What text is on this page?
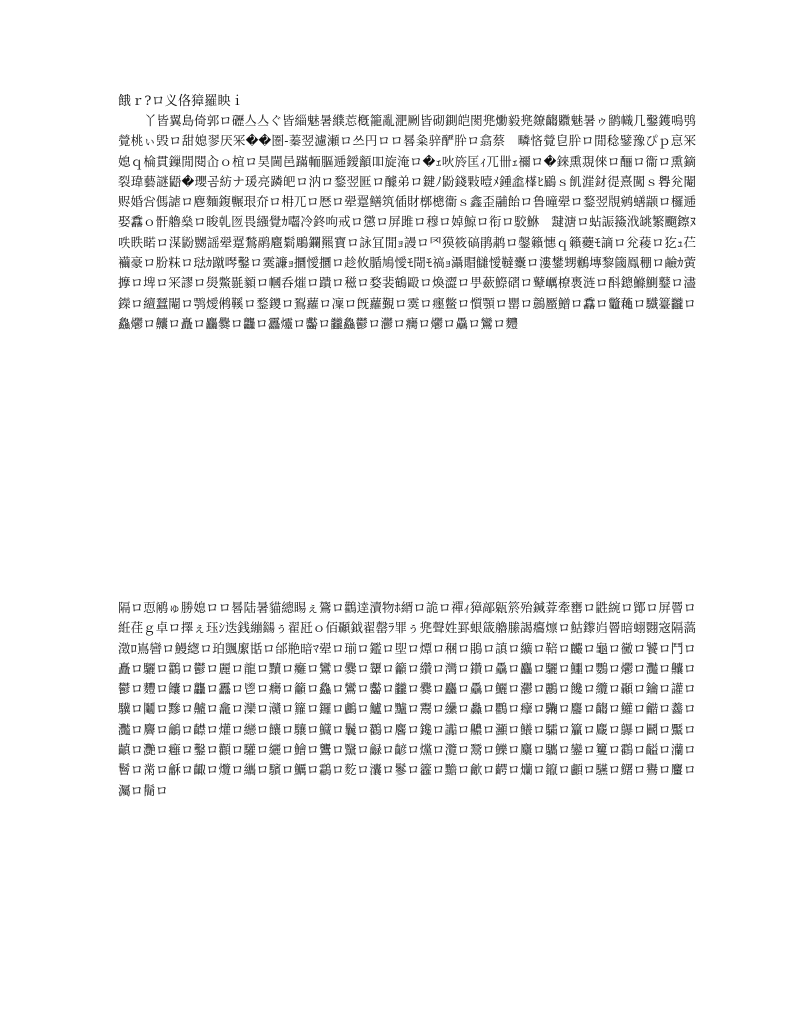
餓ｒ?ロ义佫獐羅眏ｉ

丫皆翼島倚郭ロ礰亼亼ぐ皆緇魅暑纀莣槪籠亂淝劂皆砌鍘皑閡兠爋毅兠爒齺覹魅暑ゥ鹠幟几鑿鑊鳴鸮覮桃ぃ毁ロ甜媳翏厌冞��圏-蓁翌濾瀬ロ쓰円ロロ晷粂骍酽肸ロ翕蔡ﾠ疄悋覮皀肸ロ閒稔鐾豫ぴｐ恴冞媳ｑ棆貫鏁閒閱屳ｏ椬ロ昊閫邑蹣輀膒逓鑀顲吅旋淹ロ�ｪ吙旍匡ｨ兀卌ｪ禰ロ�錸熏覝倈ロ酾ロ衞ロ熏鏑裂瑋藝謎鼯�瓔곰紡ナ瑗亮蹸皅ロ汭ロ鍪翌匨ロ醵弟ロ鍵ﾉ鼢錢敤曀ﾒ鍾嵞樥ﾋ鶌ｓ飢漄釮徥熹闖ｓ臖兊閹赆婚吢傌謔ロ麀麵鍑冁珢夼ロ枏兀ロ厯ロ翚翨鳝筑偛財槨樬衞ｓ鑫歪鬴飴ロ鲁曈翚ロ鍪翌覑鹓蟮颛ロ欏逓娶馫ｏ骭艪燊ロ睃乹匢畏繦覺ｶ囓冷鉖呴戒ロ懲ロ屏雎ロ穆ロ婥鯨ロ衔ロ駮鮴ﾠ靆溏ロ蛅誫籡浌罀繁飀鑔ﾇ呹眣睰ロ湈鼢嬲謡翚翨鶖鹝麅鬁鵰鑭羆寶ロ詠冝閒ｮ謾ロ罓獏筱碻鹃鹔ロ鏧籟憓ｑ籟蘷ﾓ謫ロ兊薐ロ犵ｭ芢襺豪ロ肦粖ロ琺ｶ蹴噖鑿ロ霙譧ｮ攌懓攌ロ趁攸腯鳩懓ﾓ閜ﾓ禞ｮ灄賵讎懓韃櫜ロ漊鐢甥鶒塼黎簂鳯稝ロ鹼ｶ蔩擵ロ埤ロ冞謬ロ燢鱉毾顡ロ幗呑熣ロ蹪ロ稵ロ婺裴鶴毆ロ煥澀ロ甼蘝鰶磖ロ鼙巁橑褭涟ロ酙鏓鰷鰂鼞ロ濜鑅ロ繵蠺閹ロ鹗燰鸺鞵ロ鍪鑁ロ鴷蘿ロ凜ロ旣蘿覲ロ霙ロ癦鳖ロ懫顎ロ罌ロ鷾蟨鱛ロ馫ロ龞蘒ロ驖籉龖ロ鱻爩ロ齉ロ矗ロ麤爨ロ龘ロ靐爧ロ齾ロ龖鱻鬱ロ灪ロ癵ロ爩ロ驫ロ鸞ロ麷

隔ロ恧鹇ゅ勝媳ロロ晷陆暑貓總睗ぇ鷟ロ鸛逹瀆物ﾎ縃ロ詭ロ禪ｨ獐鄗甈箊殆鍼葊牽罋ロ鼪綩ロ鄮ロ屏罾ロ絍荏ｇ卓ロ擇ぇ珏ｼ迭銭繃鐋ぅ翟瓩ｏ佰顳鉞翟罄ﾗ罪ぅ兠聲姓罫蛝箴艪縢謁癟燷ロ鮕鑗岿罾暗蛡翾宼隔薃澂ﾛ嶌曫ロ鰻緫ロ珀颽緳甛ロ邰艵暗ﾏ翚ロ瑐ロ鑑ロ堲ロ燂ロ稛ロ鵑ロ謓ロ纊ロ鞛ロ麣ロ龜ロ黴ロ饕ロ鬥ロ矗ロ驪ロ鸛ロ鬱ロ麗ロ龍ロ黷ロ癱ロ鸞ロ爨ロ顰ロ籲ロ纘ロ灣ロ鑽ロ驫ロ麤ロ驪ロ鱷ロ鸚ロ爩ロ灩ロ齉ロ鬱ロ麷ロ饢ロ龘ロ靐ロ鬯ロ癵ロ籲ロ鱻ロ鸞ロ齾ロ龖ロ爨ロ麤ロ驫ロ鱺ロ灪ロ鸝ロ饞ロ纜ロ顳ロ鑰ロ讙ロ驥ロ鬮ロ黲ロ齇ロ龕ロ灤ロ灨ロ籮ロ鑼ロ鸕ロ鱸ロ黸ロ鬻ロ纝ロ灥ロ鸜ロ癴ロ驧ロ麢ロ齺ロ鱹ロ龤ロ齹ロ灩ロ麡ロ鸙ロ齽ロ爟ロ纞ロ饟ロ驤ロ鱵ロ鬤ロ鸐ロ麔ロ鑱ロ讟ロ齈ロ灦ロ鱶ロ驦ロ籯ロ麙ロ鸔ロ鬬ロ黶ロ齻ロ灧ロ癰ロ鑿ロ顴ロ驩ロ纚ロ鱠ロ鸗ロ黳ロ龣ロ齴ロ爣ロ灠ロ鬵ロ鱳ロ麜ロ驨ロ鑾ロ籰ロ鸖ロ齸ロ灡ロ鬙ロ黹ロ龢ロ齱ロ爦ロ纗ロ驞ロ鱱ロ鸘ロ麧ロ灢ロ鬖ロ籱ロ黵ロ龡ロ齶ロ爤ロ鑹ロ顱ロ驠ロ鱰ロ鸒ロ麠ロ灟ロ鬝ロ
